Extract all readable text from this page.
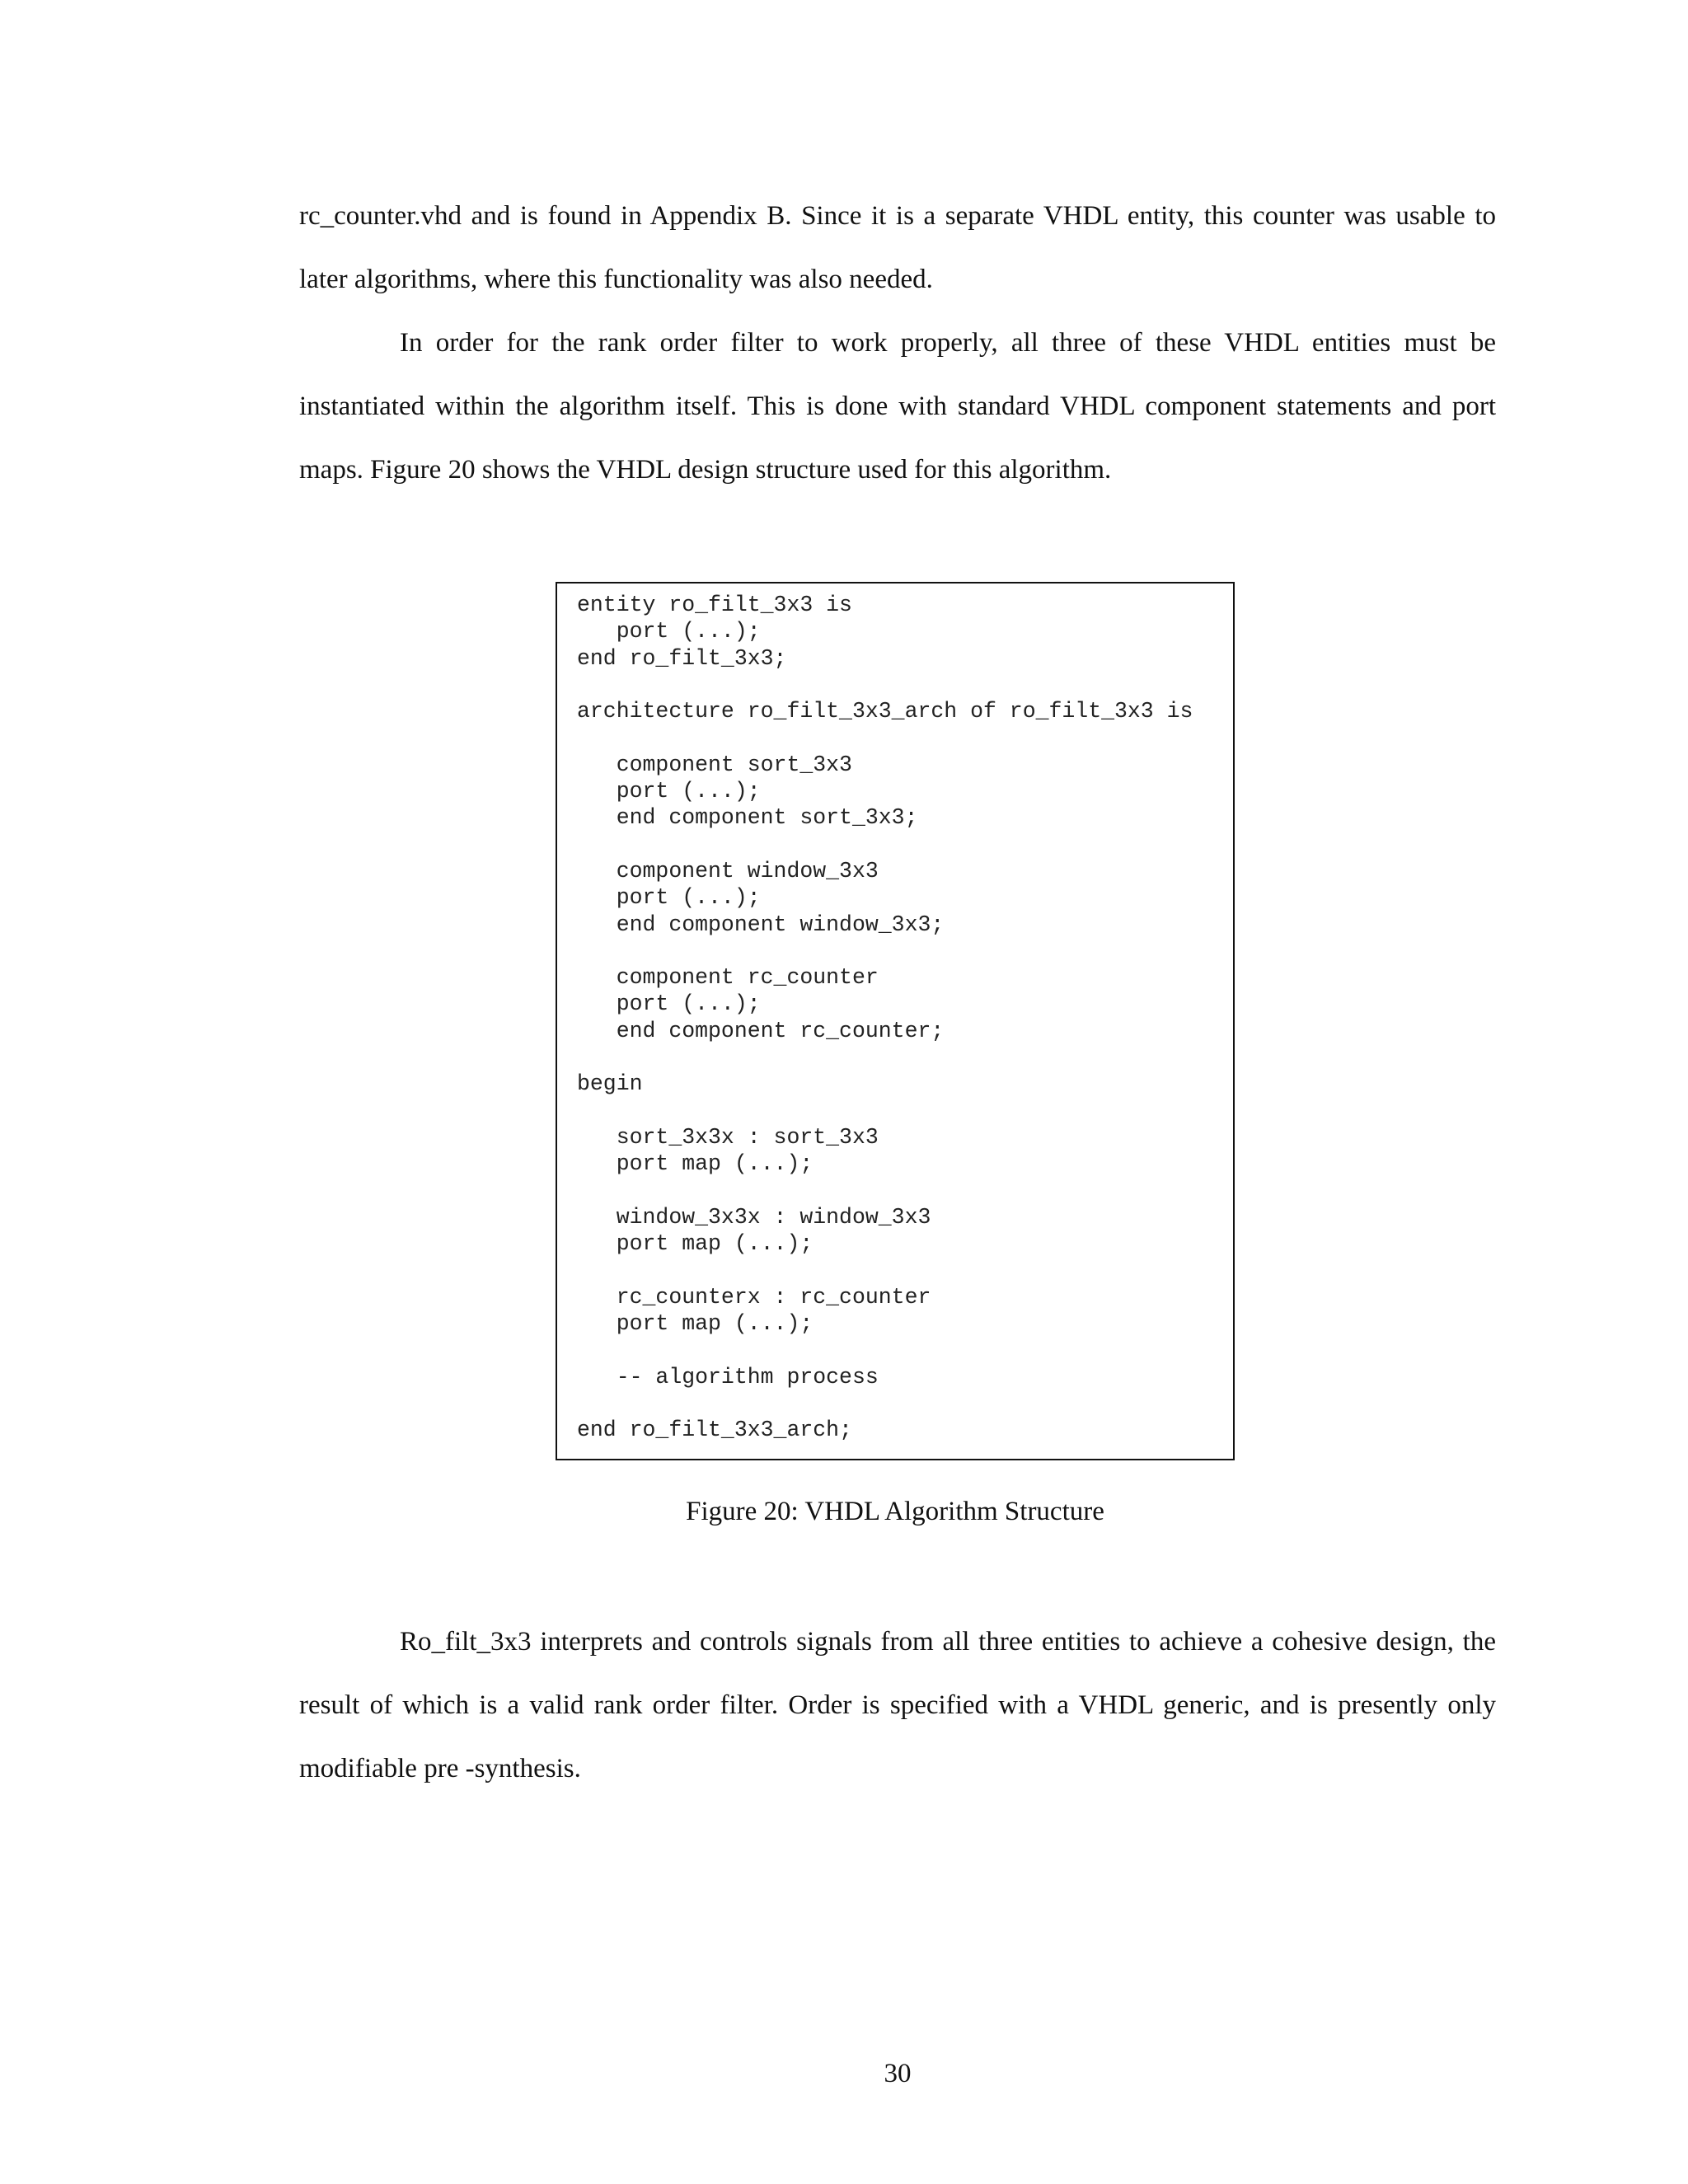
rc_counter.vhd and is found in Appendix B. Since it is a separate VHDL entity, this counter was usable to later algorithms, where this functionality was also needed.

In order for the rank order filter to work properly, all three of these VHDL entities must be instantiated within the algorithm itself. This is done with standard VHDL component statements and port maps. Figure 20 shows the VHDL design structure used for this algorithm.

entity ro_filt_3x3 is
port (...);
end ro_filt_3x3;

architecture ro_filt_3x3_arch of ro_filt_3x3 is

component sort_3x3
port (...);
end component sort_3x3;

component window_3x3
port (...);
end component window_3x3;

component rc_counter
port (...);
end component rc_counter;

begin

sort_3x3x : sort_3x3
port map (...);

window_3x3x : window_3x3
port map (...);

rc_counterx : rc_counter
port map (...);

-- algorithm process

end ro_filt_3x3_arch;

Figure 20: VHDL Algorithm Structure

Ro_filt_3x3 interprets and controls signals from all three entities to achieve a cohesive design, the result of which is a valid rank order filter. Order is specified with a VHDL generic, and is presently only modifiable pre -synthesis.

30
